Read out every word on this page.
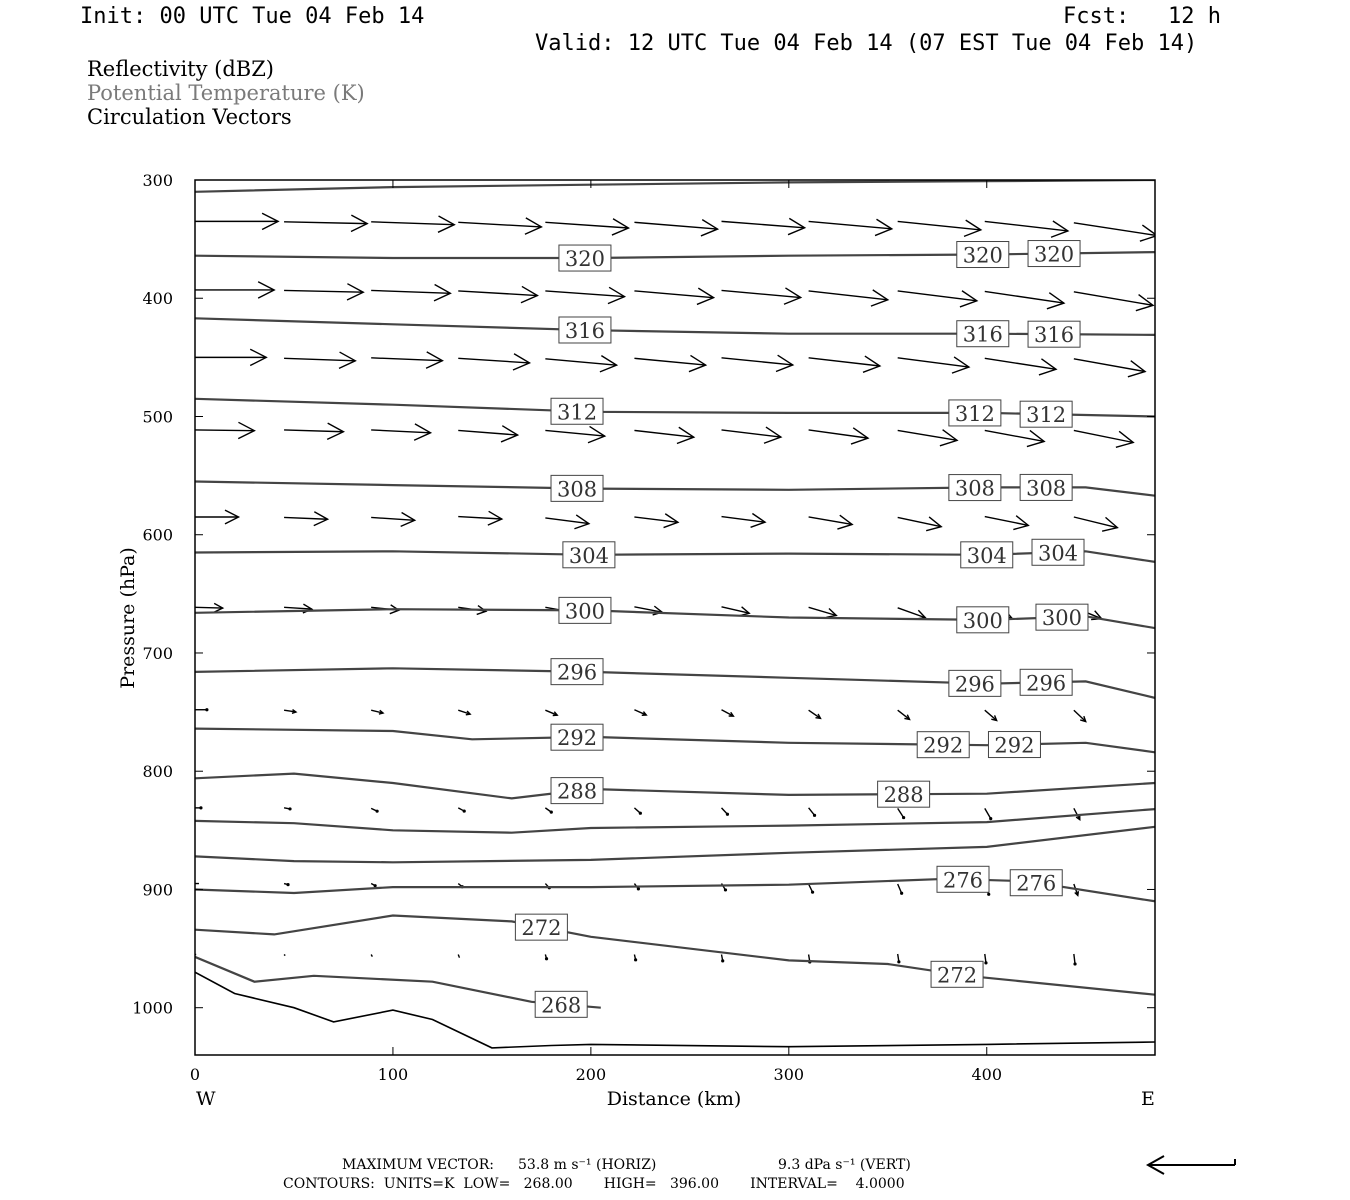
Init: 00 UTC Tue 04 Feb 14	Fcst: 12 h
Valid: 12 UTC Tue 04 Feb 14 (07 EST Tue 04 Feb 14)
Reflectivity (dBZ)
Potential Temperature (K)
Circulation Vectors
320	320 320
316	316 316
312	312 312
308	308 308
304	304 304
300	300 300
296	296 296
292	292 292
288	288
276 276
272
272
268
300
400
500
600
700
800
900
1000
0	100	200	300	400
Distance (km)
Pressure (hPa)
W	E
MAXIMUM VECTOR: 53.8 m s⁻¹ (HORIZ)	9.3 dPa s⁻¹ (VERT)
CONTOURS:  UNITS=K  LOW=   268.00       HIGH=   396.00       INTERVAL=    4.0000
